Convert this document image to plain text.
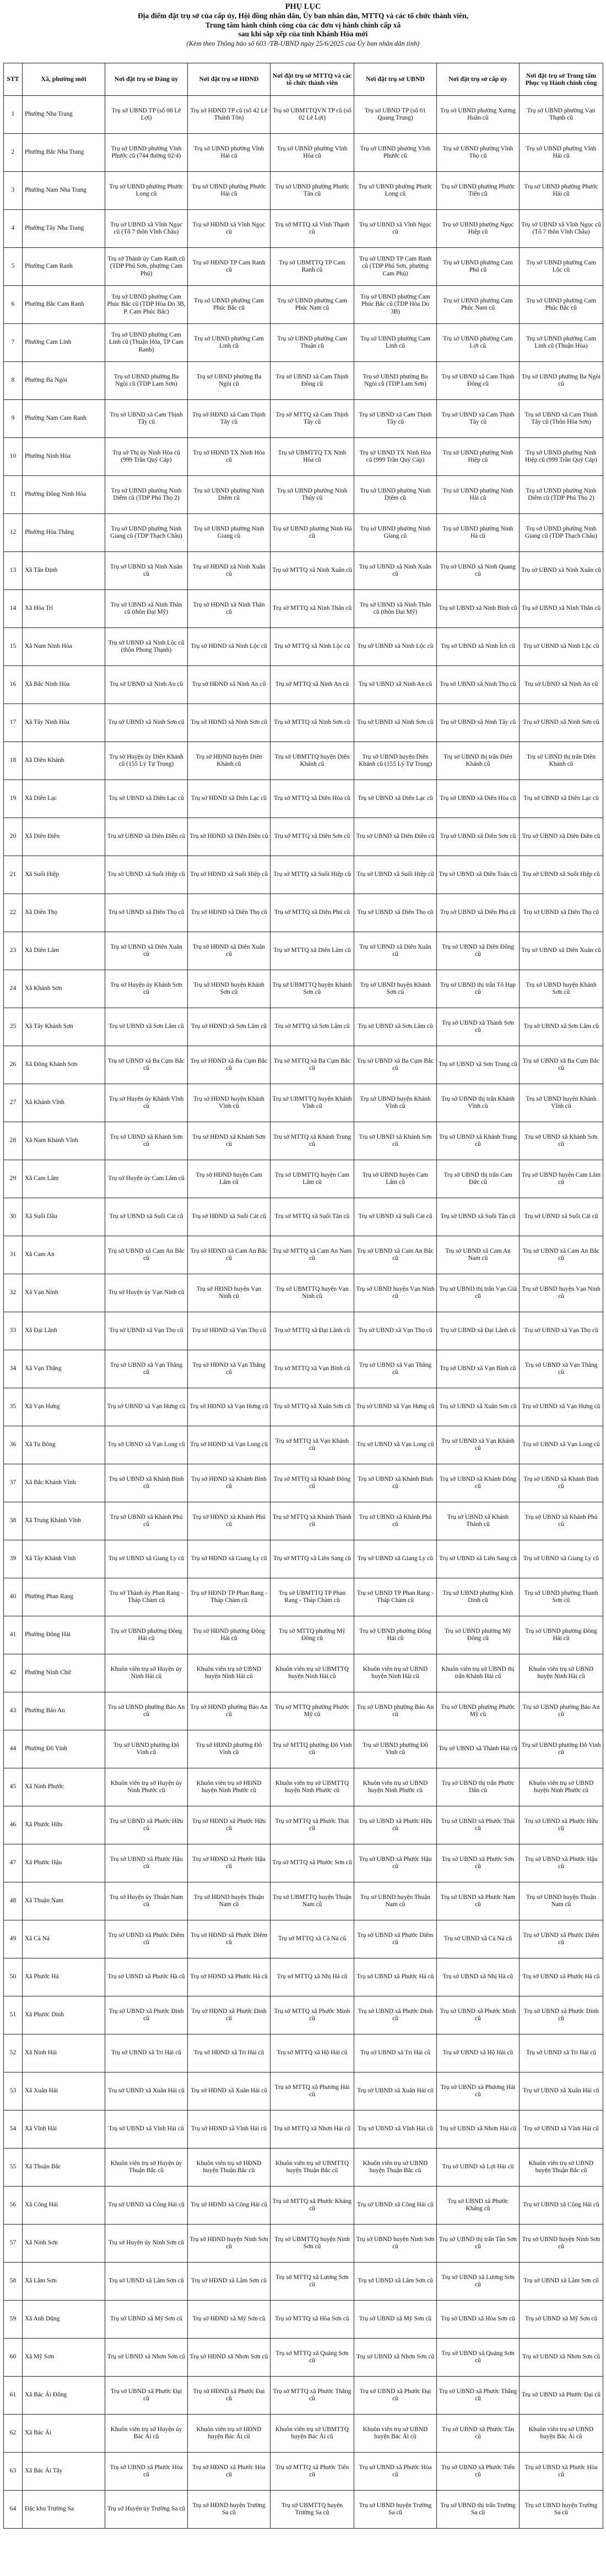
PHỤ LỤC
Địa điểm đặt trụ sở của cấp ủy, Hội đồng nhân dân, Ủy ban nhân dân, MTTQ và các tổ chức thành viên,
Trung tâm hành chính công của các đơn vị hành chính cấp xã
sau khi sắp xếp của tỉnh Khánh Hòa mới
(Kèm theo Thông báo số 603 /TB-UBND ngày 25/6/2025 của Ủy ban nhân dân tỉnh)
STT	Xã, phường mới	Nơi đặt trụ sở Đảng ủy	Nơi đặt trụ sở HĐND	Nơi đặt trụ sở MTTQ và các tổ chức thành viên	Nơi đặt trụ sở UBND	Nơi đặt trụ sở cấp ủy	Nơi đặt trụ sở Trung tâm Phục vụ Hành chính công
1	Phường Nha Trang	Trụ sở UBND TP (số 08 Lê Lợi)	Trụ sở HĐND TP cũ (số 42 Lê Thánh Tôn)	Trụ sở UBMTTQVN TP cũ (số 02 Lê Lợi)	Trụ sở UBND TP (số 01 Quang Trung)	Trụ sở UBND phường Xương Huân cũ	Trụ sở UBND phường Vạn Thạnh cũ
2	Phường Bắc Nha Trang	Trụ sở UBND phường Vĩnh Phước cũ (744 đường 02/4)	Trụ sở UBND phường Vĩnh Hải cũ	Trụ sở UBND phường Vĩnh Hòa cũ	Trụ sở UBND phường Vĩnh Phước cũ	Trụ sở UBND phường Vĩnh Thọ cũ	Trụ sở UBND phường Vĩnh Hải cũ
3	Phường Nam Nha Trang	Trụ sở UBND phường Phước Long cũ	Trụ sở UBND phường Phước Hải cũ	Trụ sở UBND phường Phước Tân cũ	Trụ sở UBND phường Phước Long cũ	Trụ sở UBND phường Phước Tiến cũ	Trụ sở UBND phường Phước Hải cũ
4	Phường Tây Nha Trang	Trụ sở UBND xã Vĩnh Ngọc cũ (Tổ 7 thôn Vĩnh Châu)	Trụ sở HĐND xã Vĩnh Ngọc cũ	Trụ sở MTTQ xã Vĩnh Thạnh cũ	Trụ sở UBND xã Vĩnh Ngọc cũ	Trụ sở UBND phường Ngọc Hiệp cũ	Trụ sở UBND xã Vĩnh Ngọc cũ (Tổ 7 thôn Vĩnh Châu)
5	Phường Cam Ranh	Trụ sở Thành ủy Cam Ranh cũ (TDP Phú Sơn, phường Cam Phú)	Trụ sở HĐND TP Cam Ranh cũ	Trụ sở UBMTTQ TP Cam Ranh cũ	Trụ sở UBND TP Cam Ranh cũ (TDP Phú Sơn, phường Cam Phú)	Trụ sở UBND phường Cam Phú cũ	Trụ sở UBND phường Cam Lộc cũ
6	Phường Bắc Cam Ranh	Trụ sở UBND phường Cam Phúc Bắc cũ (TDP Hòa Do 3B, P. Cam Phúc Bắc)	Trụ sở UBND phường Cam Phúc Bắc cũ	Trụ sở UBND phường Cam Phúc Nam cũ	Trụ sở UBND phường Cam Phúc Bắc cũ (TDP Hòa Do 3B)	Trụ sở UBND phường Cam Phúc Nam cũ	Trụ sở UBND phường Cam Phúc Bắc cũ
7	Phường Cam Linh	Trụ sở UBND phường Cam Linh cũ (Thuận Hòa, TP Cam Ranh)	Trụ sở UBND phường Cam Linh cũ	Trụ sở UBND phường Cam Thuận cũ	Trụ sở UBND phường Cam Linh cũ	Trụ sở UBND phường Cam Lợi cũ	Trụ sở UBND phường Cam Linh cũ (Thuận Hòa)
8	Phường Ba Ngòi	Trụ sở UBND phường Ba Ngòi cũ (TDP Lam Sơn)	Trụ sở UBND phường Ba Ngòi cũ	Trụ sở UBND xã Cam Thịnh Đông cũ	Trụ sở UBND phường Ba Ngòi cũ (TDP Lam Sơn)	Trụ sở UBND xã Cam Thịnh Đông cũ	Trụ sở UBND phường Ba Ngòi cũ
9	Phường Nam Cam Ranh	Trụ sở UBND xã Cam Thịnh Tây cũ	Trụ sở HĐND xã Cam Thịnh Tây cũ	Trụ sở MTTQ xã Cam Thịnh Tây cũ	Trụ sở UBND xã Cam Thịnh Tây cũ	Trụ sở UBND xã Cam Thịnh Tây cũ	Trụ sở UBND xã Cam Thịnh Tây cũ (Thôn Hòa Sơn)
10	Phường Ninh Hòa	Trụ sở Thị ủy Ninh Hòa cũ (999 Trần Quý Cáp)	Trụ sở HĐND TX Ninh Hòa cũ	Trụ sở UBMTTQ TX Ninh Hòa cũ	Trụ sở UBND TX Ninh Hòa cũ (999 Trần Quý Cáp)	Trụ sở UBND phường Ninh Hiệp cũ	Trụ sở UBND phường Ninh Hiệp cũ (999 Trần Quý Cáp)
11	Phường Đông Ninh Hòa	Trụ sở UBND phường Ninh Diêm cũ (TDP Phú Thọ 2)	Trụ sở UBND phường Ninh Diêm cũ	Trụ sở UBND phường Ninh Thủy cũ	Trụ sở UBND phường Ninh Diêm cũ	Trụ sở UBND phường Ninh Hải cũ	Trụ sở UBND phường Ninh Diêm cũ (TDP Phú Thọ 2)
12	Phường Hòa Thắng	Trụ sở UBND phường Ninh Giang cũ (TDP Thạch Châu)	Trụ sở UBND phường Ninh Giang cũ	Trụ sở UBND phường Ninh Hà cũ	Trụ sở UBND phường Ninh Giang cũ	Trụ sở UBND phường Ninh Hà cũ	Trụ sở UBND phường Ninh Giang cũ (TDP Thạch Châu)
13	Xã Tân Định	Trụ sở UBND xã Ninh Xuân cũ	Trụ sở HĐND xã Ninh Xuân cũ	Trụ sở MTTQ xã Ninh Xuân cũ	Trụ sở UBND xã Ninh Xuân cũ	Trụ sở UBND xã Ninh Quang cũ	Trụ sở UBND xã Ninh Xuân cũ
14	Xã Hòa Trí	Trụ sở UBND xã Ninh Thân cũ (thôn Đại Mỹ)	Trụ sở HĐND xã Ninh Thân cũ	Trụ sở MTTQ xã Ninh Thân cũ	Trụ sở UBND xã Ninh Thân cũ (thôn Đại Mỹ)	Trụ sở UBND xã Ninh Bình cũ	Trụ sở UBND xã Ninh Thân cũ
15	Xã Nam Ninh Hòa	Trụ sở UBND xã Ninh Lộc cũ (thôn Phong Thạnh)	Trụ sở HĐND xã Ninh Lộc cũ	Trụ sở MTTQ xã Ninh Lộc cũ	Trụ sở UBND xã Ninh Lộc cũ	Trụ sở UBND xã Ninh Ích cũ	Trụ sở UBND xã Ninh Lộc cũ
16	Xã Bắc Ninh Hòa	Trụ sở UBND xã Ninh An cũ	Trụ sở HĐND xã Ninh An cũ	Trụ sở MTTQ xã Ninh An cũ	Trụ sở UBND xã Ninh An cũ	Trụ sở UBND xã Ninh Thọ cũ	Trụ sở UBND xã Ninh An cũ
17	Xã Tây Ninh Hòa	Trụ sở UBND xã Ninh Sơn cũ	Trụ sở HĐND xã Ninh Sơn cũ	Trụ sở MTTQ xã Ninh Sơn cũ	Trụ sở UBND xã Ninh Sơn cũ	Trụ sở UBND xã Ninh Tây cũ	Trụ sở UBND xã Ninh Sơn cũ
18	Xã Diên Khánh	Trụ sở Huyện ủy Diên Khánh cũ (155 Lý Tự Trọng)	Trụ sở HĐND huyện Diên Khánh cũ	Trụ sở UBMTTQ huyện Diên Khánh cũ	Trụ sở UBND huyện Diên Khánh cũ (155 Lý Tự Trọng)	Trụ sở UBND thị trấn Diên Khánh cũ	Trụ sở UBND thị trấn Diên Khánh cũ
19	Xã Diên Lạc	Trụ sở UBND xã Diên Lạc cũ	Trụ sở HĐND xã Diên Lạc cũ	Trụ sở MTTQ xã Diên Hòa cũ	Trụ sở UBND xã Diên Lạc cũ	Trụ sở UBND xã Diên Hòa cũ	Trụ sở UBND xã Diên Lạc cũ
20	Xã Diên Điền	Trụ sở UBND xã Diên Điền cũ	Trụ sở HĐND xã Diên Điền cũ	Trụ sở MTTQ xã Diên Sơn cũ	Trụ sở UBND xã Diên Điền cũ	Trụ sở UBND xã Diên Sơn cũ	Trụ sở UBND xã Diên Điền cũ
21	Xã Suối Hiệp	Trụ sở UBND xã Suối Hiệp cũ	Trụ sở HĐND xã Suối Hiệp cũ	Trụ sở MTTQ xã Suối Hiệp cũ	Trụ sở UBND xã Suối Hiệp cũ	Trụ sở UBND xã Diên Toàn cũ	Trụ sở UBND xã Suối Hiệp cũ
22	Xã Diên Thọ	Trụ sở UBND xã Diên Thọ cũ	Trụ sở HĐND xã Diên Thọ cũ	Trụ sở MTTQ xã Diên Phú cũ	Trụ sở UBND xã Diên Thọ cũ	Trụ sở UBND xã Diên Phú cũ	Trụ sở UBND xã Diên Thọ cũ
23	Xã Diên Lâm	Trụ sở UBND xã Diên Xuân cũ	Trụ sở HĐND xã Diên Xuân cũ	Trụ sở MTTQ xã Diên Lâm cũ	Trụ sở UBND xã Diên Xuân cũ	Trụ sở UBND xã Diên Đồng cũ	Trụ sở UBND xã Diên Xuân cũ
24	Xã Khánh Sơn	Trụ sở Huyện ủy Khánh Sơn cũ	Trụ sở HĐND huyện Khánh Sơn cũ	Trụ sở UBMTTQ huyện Khánh Sơn cũ	Trụ sở UBND huyện Khánh Sơn cũ	Trụ sở UBND thị trấn Tô Hạp cũ	Trụ sở UBND huyện Khánh Sơn cũ
25	Xã Tây Khánh Sơn	Trụ sở UBND xã Sơn Lâm cũ	Trụ sở HĐND xã Sơn Lâm cũ	Trụ sở MTTQ xã Sơn Lâm cũ	Trụ sở UBND xã Sơn Lâm cũ	Trụ sở UBND xã Thành Sơn cũ	Trụ sở UBND xã Sơn Lâm cũ
26	Xã Đông Khánh Sơn	Trụ sở UBND xã Ba Cụm Bắc cũ	Trụ sở HĐND xã Ba Cụm Bắc cũ	Trụ sở MTTQ xã Ba Cụm Bắc cũ	Trụ sở UBND xã Ba Cụm Bắc cũ	Trụ sở UBND xã Sơn Trung cũ	Trụ sở UBND xã Ba Cụm Bắc cũ
27	Xã Khánh Vĩnh	Trụ sở Huyện ủy Khánh Vĩnh cũ	Trụ sở HĐND huyện Khánh Vĩnh cũ	Trụ sở UBMTTQ huyện Khánh Vĩnh cũ	Trụ sở UBND huyện Khánh Vĩnh cũ	Trụ sở UBND thị trấn Khánh Vĩnh cũ	Trụ sở UBND huyện Khánh Vĩnh cũ
28	Xã Nam Khánh Vĩnh	Trụ sở UBND xã Khánh Sơn cũ	Trụ sở HĐND xã Khánh Sơn cũ	Trụ sở MTTQ xã Khánh Trung cũ	Trụ sở UBND xã Khánh Sơn cũ	Trụ sở UBND xã Khánh Trung cũ	Trụ sở UBND xã Khánh Sơn cũ
29	Xã Cam Lâm	Trụ sở Huyện ủy Cam Lâm cũ	Trụ sở HĐND huyện Cam Lâm cũ	Trụ sở UBMTTQ huyện Cam Lâm cũ	Trụ sở UBND huyện Cam Lâm cũ	Trụ sở UBND thị trấn Cam Đức cũ	Trụ sở UBND huyện Cam Lâm cũ
30	Xã Suối Dầu	Trụ sở UBND xã Suối Cát cũ	Trụ sở HĐND xã Suối Cát cũ	Trụ sở MTTQ xã Suối Tân cũ	Trụ sở UBND xã Suối Cát cũ	Trụ sở UBND xã Suối Tân cũ	Trụ sở UBND xã Suối Cát cũ
31	Xã Cam An	Trụ sở UBND xã Cam An Bắc cũ	Trụ sở HĐND xã Cam An Bắc cũ	Trụ sở MTTQ xã Cam An Nam cũ	Trụ sở UBND xã Cam An Bắc cũ	Trụ sở UBND xã Cam An Nam cũ	Trụ sở UBND xã Cam An Bắc cũ
32	Xã Vạn Ninh	Trụ sở Huyện ủy Vạn Ninh cũ	Trụ sở HĐND huyện Vạn Ninh cũ	Trụ sở UBMTTQ huyện Vạn Ninh cũ	Trụ sở UBND huyện Vạn Ninh cũ	Trụ sở UBND thị trấn Vạn Giã cũ	Trụ sở UBND huyện Vạn Ninh cũ
33	Xã Đại Lãnh	Trụ sở UBND xã Vạn Thọ cũ	Trụ sở HĐND xã Vạn Thọ cũ	Trụ sở MTTQ xã Đại Lãnh cũ	Trụ sở UBND xã Vạn Thọ cũ	Trụ sở UBND xã Đại Lãnh cũ	Trụ sở UBND xã Vạn Thọ cũ
34	Xã Vạn Thắng	Trụ sở UBND xã Vạn Thắng cũ	Trụ sở HĐND xã Vạn Thắng cũ	Trụ sở MTTQ xã Vạn Bình cũ	Trụ sở UBND xã Vạn Thắng cũ	Trụ sở UBND xã Vạn Bình cũ	Trụ sở UBND xã Vạn Thắng cũ
35	Xã Vạn Hưng	Trụ sở UBND xã Vạn Hưng cũ	Trụ sở HĐND xã Vạn Hưng cũ	Trụ sở MTTQ xã Xuân Sơn cũ	Trụ sở UBND xã Vạn Hưng cũ	Trụ sở UBND xã Xuân Sơn cũ	Trụ sở UBND xã Vạn Hưng cũ
36	Xã Tu Bông	Trụ sở UBND xã Vạn Long cũ	Trụ sở HĐND xã Vạn Long cũ	Trụ sở MTTQ xã Vạn Khánh cũ	Trụ sở UBND xã Vạn Long cũ	Trụ sở UBND xã Vạn Khánh cũ	Trụ sở UBND xã Vạn Long cũ
37	Xã Bắc Khánh Vĩnh	Trụ sở UBND xã Khánh Bình cũ	Trụ sở HĐND xã Khánh Bình cũ	Trụ sở MTTQ xã Khánh Đông cũ	Trụ sở UBND xã Khánh Bình cũ	Trụ sở UBND xã Khánh Đông cũ	Trụ sở UBND xã Khánh Bình cũ
38	Xã Trung Khánh Vĩnh	Trụ sở UBND xã Khánh Phú cũ	Trụ sở HĐND xã Khánh Phú cũ	Trụ sở MTTQ xã Khánh Thành cũ	Trụ sở UBND xã Khánh Phú cũ	Trụ sở UBND xã Khánh Thành cũ	Trụ sở UBND xã Khánh Phú cũ
39	Xã Tây Khánh Vĩnh	Trụ sở UBND xã Giang Ly cũ	Trụ sở HĐND xã Giang Ly cũ	Trụ sở MTTQ xã Liên Sang cũ	Trụ sở UBND xã Giang Ly cũ	Trụ sở UBND xã Liên Sang cũ	Trụ sở UBND xã Giang Ly cũ
40	Phường Phan Rang	Trụ sở Thành ủy Phan Rang - Tháp Chàm cũ	Trụ sở HĐND TP Phan Rang - Tháp Chàm cũ	Trụ sở UBMTTQ TP Phan Rang - Tháp Chàm cũ	Trụ sở UBND TP Phan Rang - Tháp Chàm cũ	Trụ sở UBND phường Kinh Dinh cũ	Trụ sở UBND phường Thanh Sơn cũ
41	Phường Đông Hải	Trụ sở UBND phường Đông Hải cũ	Trụ sở HĐND phường Đông Hải cũ	Trụ sở MTTQ phường Mỹ Đông cũ	Trụ sở UBND phường Đông Hải cũ	Trụ sở UBND phường Mỹ Đông cũ	Trụ sở UBND phường Đông Hải cũ
42	Phường Ninh Chử	Khuôn viên trụ sở Huyện ủy Ninh Hải cũ	Khuôn viên trụ sở UBND huyện Ninh Hải cũ	Khuôn viên trụ sở UBMTTQ huyện Ninh Hải cũ	Khuôn viên trụ sở UBND huyện Ninh Hải cũ	Khuôn viên trụ sở UBND thị trấn Khánh Hải cũ	Khuôn viên trụ sở UBND huyện Ninh Hải cũ
43	Phường Bảo An	Trụ sở UBND phường Bảo An cũ	Trụ sở HĐND phường Bảo An cũ	Trụ sở MTTQ phường Phước Mỹ cũ	Trụ sở UBND phường Bảo An cũ	Trụ sở UBND phường Phước Mỹ cũ	Trụ sở UBND phường Bảo An cũ
44	Phường Đô Vinh	Trụ sở UBND phường Đô Vinh cũ	Trụ sở HĐND phường Đô Vinh cũ	Trụ sở MTTQ phường Đô Vinh cũ	Trụ sở UBND phường Đô Vinh cũ	Trụ sở UBND xã Thành Hải cũ	Trụ sở UBND phường Đô Vinh cũ
45	Xã Ninh Phước	Khuôn viên trụ sở Huyện ủy Ninh Phước cũ	Khuôn viên trụ sở HĐND huyện Ninh Phước cũ	Khuôn viên trụ sở UBMTTQ huyện Ninh Phước cũ	Khuôn viên trụ sở UBND huyện Ninh Phước cũ	Trụ sở UBND thị trấn Phước Dân cũ	Khuôn viên trụ sở UBND huyện Ninh Phước cũ
46	Xã Phước Hữu	Trụ sở UBND xã Phước Hữu cũ	Trụ sở HĐND xã Phước Hữu cũ	Trụ sở MTTQ xã Phước Thái cũ	Trụ sở UBND xã Phước Hữu cũ	Trụ sở UBND xã Phước Thái cũ	Trụ sở UBND xã Phước Hữu cũ
47	Xã Phước Hậu	Trụ sở UBND xã Phước Hậu cũ	Trụ sở HĐND xã Phước Hậu cũ	Trụ sở MTTQ xã Phước Sơn cũ	Trụ sở UBND xã Phước Hậu cũ	Trụ sở UBND xã Phước Sơn cũ	Trụ sở UBND xã Phước Hậu cũ
48	Xã Thuận Nam	Trụ sở Huyện ủy Thuận Nam cũ	Trụ sở HĐND huyện Thuận Nam cũ	Trụ sở UBMTTQ huyện Thuận Nam cũ	Trụ sở UBND huyện Thuận Nam cũ	Trụ sở UBND xã Phước Nam cũ	Trụ sở UBND huyện Thuận Nam cũ
49	Xã Cà Ná	Trụ sở UBND xã Phước Diêm cũ	Trụ sở HĐND xã Phước Diêm cũ	Trụ sở MTTQ xã Cà Ná cũ	Trụ sở UBND xã Phước Diêm cũ	Trụ sở UBND xã Cà Ná cũ	Trụ sở UBND xã Phước Diêm cũ
50	Xã Phước Hà	Trụ sở UBND xã Phước Hà cũ	Trụ sở HĐND xã Phước Hà cũ	Trụ sở MTTQ xã Nhị Hà cũ	Trụ sở UBND xã Phước Hà cũ	Trụ sở UBND xã Nhị Hà cũ	Trụ sở UBND xã Phước Hà cũ
51	Xã Phước Dinh	Trụ sở UBND xã Phước Dinh cũ	Trụ sở HĐND xã Phước Dinh cũ	Trụ sở MTTQ xã Phước Minh cũ	Trụ sở UBND xã Phước Dinh cũ	Trụ sở UBND xã Phước Minh cũ	Trụ sở UBND xã Phước Dinh cũ
52	Xã Ninh Hải	Trụ sở UBND xã Tri Hải cũ	Trụ sở HĐND xã Tri Hải cũ	Trụ sở MTTQ xã Hộ Hải cũ	Trụ sở UBND xã Tri Hải cũ	Trụ sở UBND xã Hộ Hải cũ	Trụ sở UBND xã Tri Hải cũ
53	Xã Xuân Hải	Trụ sở UBND xã Xuân Hải cũ	Trụ sở HĐND xã Xuân Hải cũ	Trụ sở MTTQ xã Phương Hải cũ	Trụ sở UBND xã Xuân Hải cũ	Trụ sở UBND xã Phương Hải cũ	Trụ sở UBND xã Xuân Hải cũ
54	Xã Vĩnh Hải	Trụ sở UBND xã Vĩnh Hải cũ	Trụ sở HĐND xã Vĩnh Hải cũ	Trụ sở MTTQ xã Nhơn Hải cũ	Trụ sở UBND xã Vĩnh Hải cũ	Trụ sở UBND xã Nhơn Hải cũ	Trụ sở UBND xã Vĩnh Hải cũ
55	Xã Thuận Bắc	Khuôn viên trụ sở Huyện ủy Thuận Bắc cũ	Khuôn viên trụ sở HĐND huyện Thuận Bắc cũ	Khuôn viên trụ sở UBMTTQ huyện Thuận Bắc cũ	Khuôn viên trụ sở UBND huyện Thuận Bắc cũ	Trụ sở UBND xã Lợi Hải cũ	Khuôn viên trụ sở UBND huyện Thuận Bắc cũ
56	Xã Công Hải	Trụ sở UBND xã Công Hải cũ	Trụ sở HĐND xã Công Hải cũ	Trụ sở MTTQ xã Phước Kháng cũ	Trụ sở UBND xã Công Hải cũ	Trụ sở UBND xã Phước Kháng cũ	Trụ sở UBND xã Công Hải cũ
57	Xã Ninh Sơn	Trụ sở Huyện ủy Ninh Sơn cũ	Trụ sở HĐND huyện Ninh Sơn cũ	Trụ sở UBMTTQ huyện Ninh Sơn cũ	Trụ sở UBND huyện Ninh Sơn cũ	Trụ sở UBND thị trấn Tân Sơn cũ	Trụ sở UBND huyện Ninh Sơn cũ
58	Xã Lâm Sơn	Trụ sở UBND xã Lâm Sơn cũ	Trụ sở HĐND xã Lâm Sơn cũ	Trụ sở MTTQ xã Lương Sơn cũ	Trụ sở UBND xã Lâm Sơn cũ	Trụ sở UBND xã Lương Sơn cũ	Trụ sở UBND xã Lâm Sơn cũ
59	Xã Anh Dũng	Trụ sở UBND xã Mỹ Sơn cũ	Trụ sở HĐND xã Mỹ Sơn cũ	Trụ sở MTTQ xã Hòa Sơn cũ	Trụ sở UBND xã Mỹ Sơn cũ	Trụ sở UBND xã Hòa Sơn cũ	Trụ sở UBND xã Mỹ Sơn cũ
60	Xã Mỹ Sơn	Trụ sở UBND xã Nhơn Sơn cũ	Trụ sở HĐND xã Nhơn Sơn cũ	Trụ sở MTTQ xã Quảng Sơn cũ	Trụ sở UBND xã Nhơn Sơn cũ	Trụ sở UBND xã Quảng Sơn cũ	Trụ sở UBND xã Nhơn Sơn cũ
61	Xã Bác Ái Đông	Trụ sở UBND xã Phước Đại cũ	Trụ sở HĐND xã Phước Đại cũ	Trụ sở MTTQ xã Phước Thắng cũ	Trụ sở UBND xã Phước Đại cũ	Trụ sở UBND xã Phước Thắng cũ	Trụ sở UBND xã Phước Đại cũ
62	Xã Bác Ái	Khuôn viên trụ sở Huyện ủy Bác Ái cũ	Khuôn viên trụ sở HĐND huyện Bác Ái cũ	Khuôn viên trụ sở UBMTTQ huyện Bác Ái cũ	Khuôn viên trụ sở UBND huyện Bác Ái cũ	Trụ sở UBND xã Phước Tân cũ	Khuôn viên trụ sở UBND huyện Bác Ái cũ
63	Xã Bác Ái Tây	Trụ sở UBND xã Phước Hòa cũ	Trụ sở HĐND xã Phước Hòa cũ	Trụ sở MTTQ xã Phước Tiến cũ	Trụ sở UBND xã Phước Hòa cũ	Trụ sở UBND xã Phước Tiến cũ	Trụ sở UBND xã Phước Hòa cũ
64	Đặc khu Trường Sa	Trụ sở Huyện ủy Trường Sa cũ	Trụ sở HĐND huyện Trường Sa cũ	Trụ sở UBMTTQ huyện Trường Sa cũ	Trụ sở UBND huyện Trường Sa cũ	Trụ sở UBND thị trấn Trường Sa cũ	Trụ sở UBND huyện Trường Sa cũ
